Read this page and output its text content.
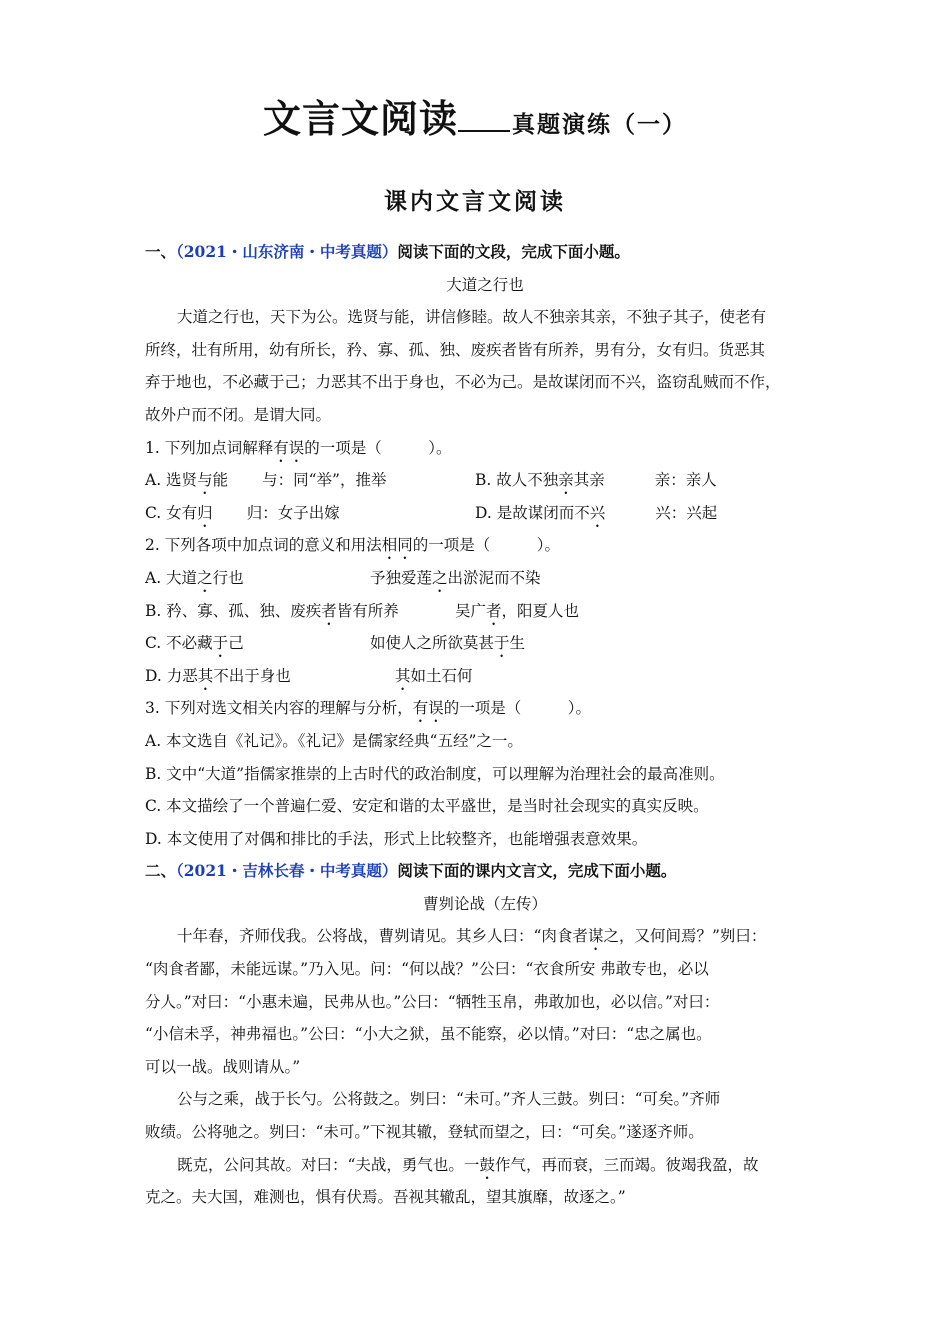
文言文阅读 真题演练（一）
课内文言文阅读
一、（2021・山东济南・中考真题）阅读下面的文段，完成下面小题。
大道之行也
大道之行也，天下为公。选贤与能，讲信修睦。故人不独亲其亲，不独子其子，使老有
所终，壮有所用，幼有所长，矜、寡、孤、独、废疾者皆有所养，男有分，女有归。货恶其
弃于地也，不必藏于己；力恶其不出于身也，不必为己。是故谋闭而不兴，盗窃乱贼而不作，
故外户而不闭。是谓大同。
1. 下列加点词解释有误的一项是（　　　）。
A. 选贤与能 与：同“举”，推举	B. 故人不独亲其亲	亲：亲人
C. 女有归 归：女子出嫁	D. 是故谋闭而不兴	兴：兴起
2. 下列各项中加点词的意义和用法相同的一项是（　　　）。
A. 大道之行也	予独爱莲之出淤泥而不染
B. 矜、寡、孤、独、废疾者皆有所养	吴广者，阳夏人也
C. 不必藏于己	如使人之所欲莫甚于生
D. 力恶其不出于身也	其如土石何
3. 下列对选文相关内容的理解与分析，有误的一项是（　　　）。
A. 本文选自《礼记》。《礼记》是儒家经典“五经”之一。
B. 文中“大道”指儒家推崇的上古时代的政治制度，可以理解为治理社会的最高准则。
C. 本文描绘了一个普遍仁爱、安定和谐的太平盛世，是当时社会现实的真实反映。
D. 本文使用了对偶和排比的手法，形式上比较整齐，也能增强表意效果。
二、（2021・吉林长春・中考真题）阅读下面的课内文言文，完成下面小题。
曹刿论战（左传）
十年春，齐师伐我。公将战，曹刿请见。其乡人曰：“肉食者谋之，又何间焉？”刿曰：
“肉食者鄙，未能远谋。”乃入见。问：“何以战？”公曰：“衣食所安 弗敢专也，必以
分人。”对曰：“小惠未遍，民弗从也。”公曰：“牺牲玉帛，弗敢加也，必以信。”对曰：
“小信未孚，神弗福也。”公曰：“小大之狱，虽不能察，必以情。”对曰：“忠之属也。
可以一战。战则请从。”
公与之乘，战于长勺。公将鼓之。刿曰：“未可。”齐人三鼓。刿曰：“可矣。”齐师
败绩。公将驰之。刿曰：“未可。”下视其辙，登轼而望之，曰：“可矣。”遂逐齐师。
既克，公问其故。对曰：“夫战，勇气也。一鼓作气，再而衰，三而竭。彼竭我盈，故
克之。夫大国，难测也，惧有伏焉。吾视其辙乱，望其旗靡，故逐之。”
